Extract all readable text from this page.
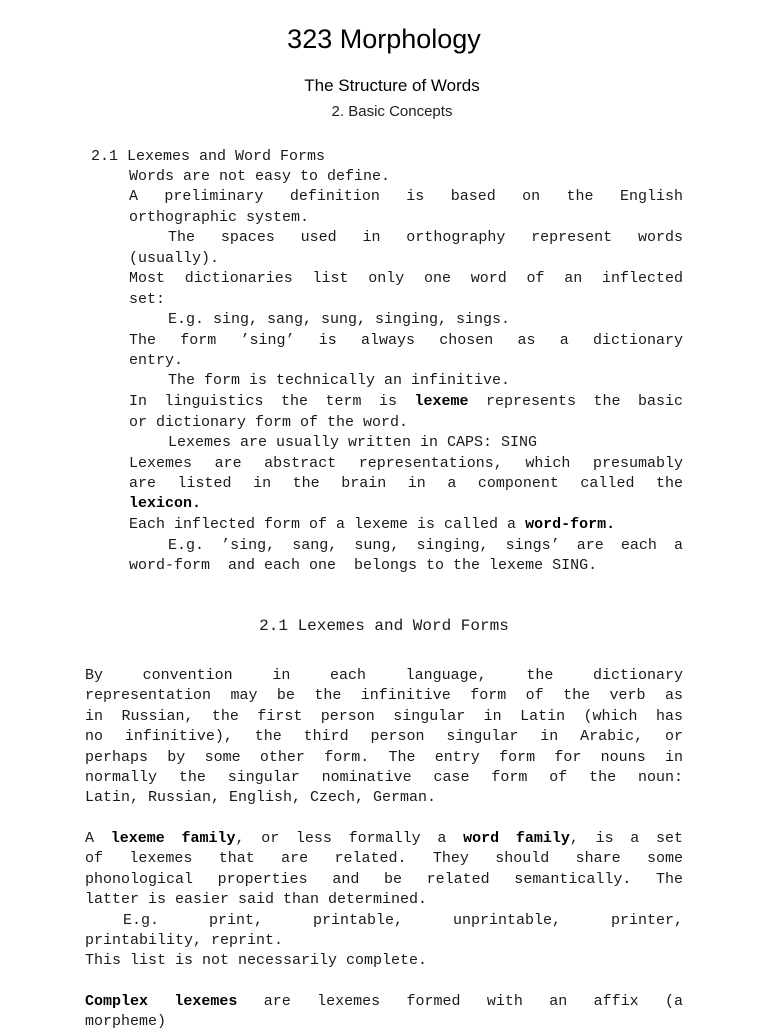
323 Morphology
The Structure of Words
2. Basic Concepts
2.1 Lexemes and Word Forms
Words are not easy to define.
A preliminary definition is based on the English
orthographic system.
The spaces used in orthography represent words
(usually).
Most dictionaries list only one word of an inflected
set:
E.g. sing, sang, sung, singing, sings.
The form ’sing’ is always chosen as a dictionary
entry.
The form is technically an infinitive.
In linguistics the term is lexeme represents the basic
or dictionary form of the word.
Lexemes are usually written in CAPS: SING
Lexemes are abstract representations, which presumably
are listed in the brain in a component called the
lexicon.
Each inflected form of a lexeme is called a word-form.
E.g. ’sing, sang, sung, singing, sings’ are each a
word-form  and each one  belongs to the lexeme SING.
2.1 Lexemes and Word Forms
By convention in each language, the dictionary
representation may be the infinitive form of the verb as
in Russian, the first person singular in Latin (which has
no infinitive), the third person singular in Arabic, or
perhaps by some other form. The entry form for nouns in
normally the singular nominative case form of the noun:
Latin, Russian, English, Czech, German.
A lexeme family, or less formally a word family, is a set
of lexemes that are related. They should share some
phonological properties and be related semantically. The
latter is easier said than determined.
E.g. print, printable, unprintable, printer,
printability, reprint.
This list is not necessarily complete.
Complex lexemes are lexemes formed with an affix (a
morpheme)
